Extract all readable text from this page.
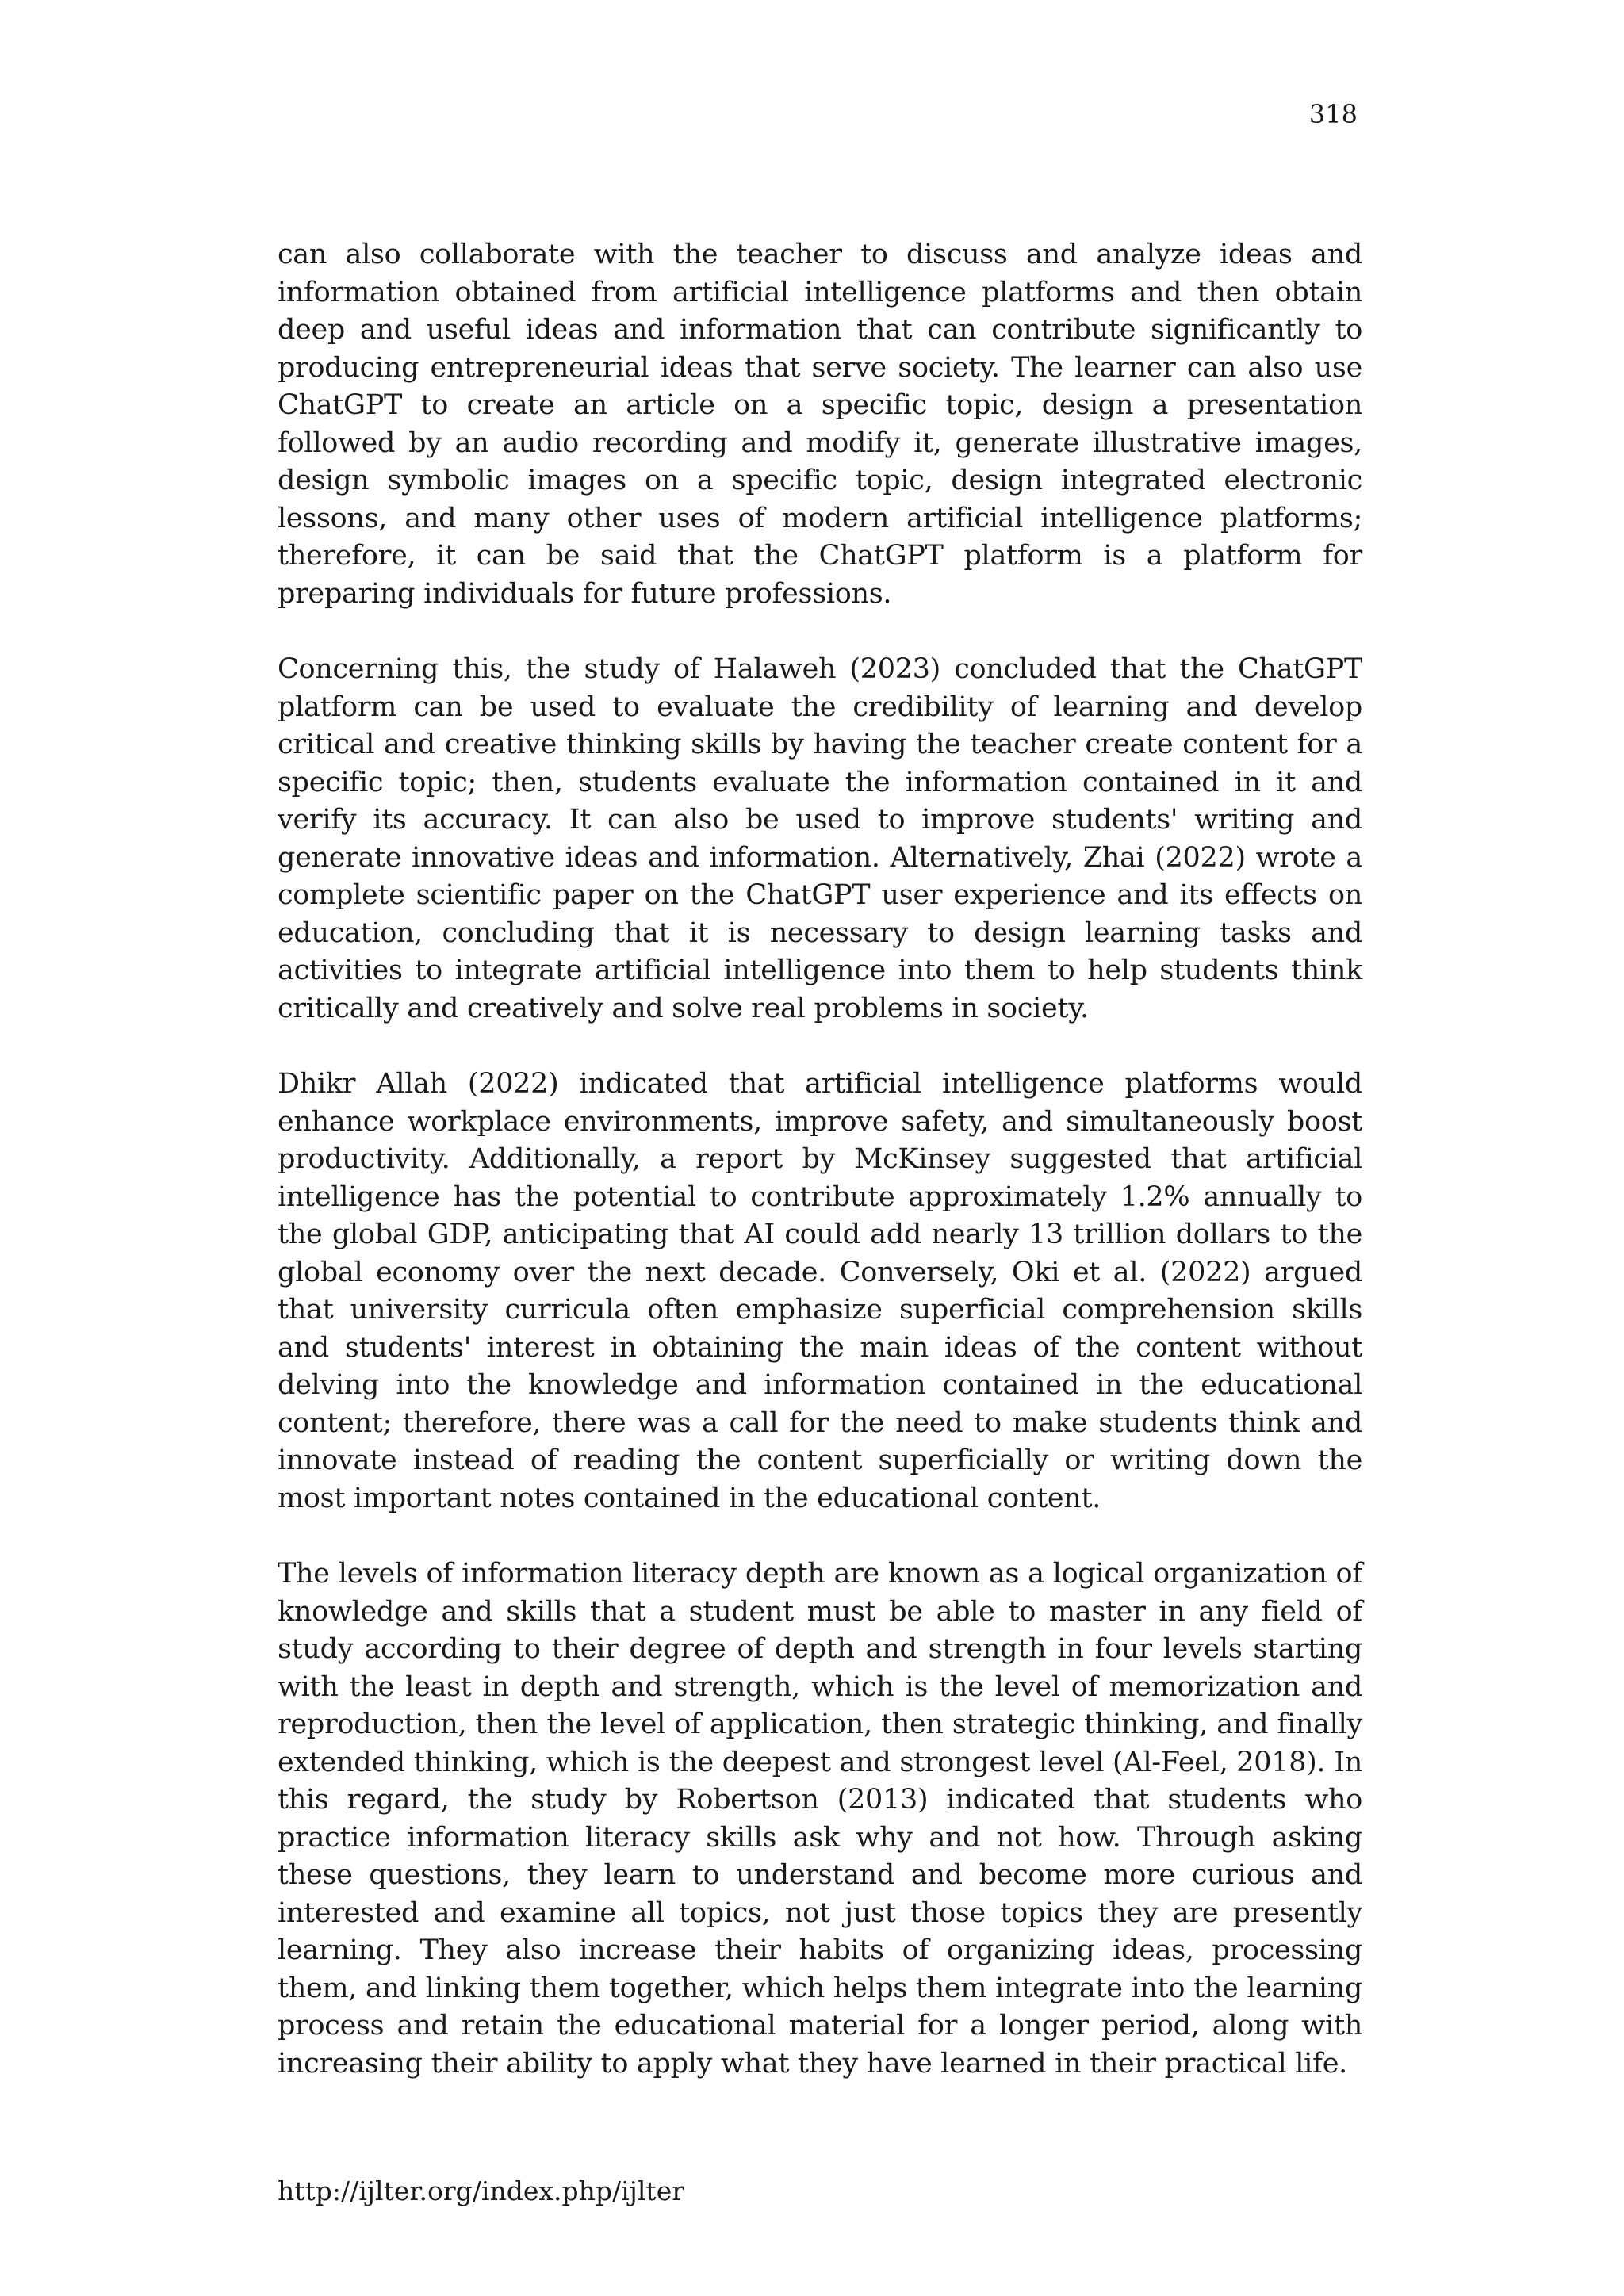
318

can also collaborate with the teacher to discuss and analyze ideas and information obtained from artificial intelligence platforms and then obtain deep and useful ideas and information that can contribute significantly to producing entrepreneurial ideas that serve society. The learner can also use ChatGPT to create an article on a specific topic, design a presentation followed by an audio recording and modify it, generate illustrative images, design symbolic images on a specific topic, design integrated electronic lessons, and many other uses of modern artificial intelligence platforms; therefore, it can be said that the ChatGPT platform is a platform for preparing individuals for future professions.

Concerning this, the study of Halaweh (2023) concluded that the ChatGPT platform can be used to evaluate the credibility of learning and develop critical and creative thinking skills by having the teacher create content for a specific topic; then, students evaluate the information contained in it and verify its accuracy. It can also be used to improve students' writing and generate innovative ideas and information. Alternatively, Zhai (2022) wrote a complete scientific paper on the ChatGPT user experience and its effects on education, concluding that it is necessary to design learning tasks and activities to integrate artificial intelligence into them to help students think critically and creatively and solve real problems in society.

Dhikr Allah (2022) indicated that artificial intelligence platforms would enhance workplace environments, improve safety, and simultaneously boost productivity. Additionally, a report by McKinsey suggested that artificial intelligence has the potential to contribute approximately 1.2% annually to the global GDP, anticipating that AI could add nearly 13 trillion dollars to the global economy over the next decade. Conversely, Oki et al. (2022) argued that university curricula often emphasize superficial comprehension skills and students' interest in obtaining the main ideas of the content without delving into the knowledge and information contained in the educational content; therefore, there was a call for the need to make students think and innovate instead of reading the content superficially or writing down the most important notes contained in the educational content.

The levels of information literacy depth are known as a logical organization of knowledge and skills that a student must be able to master in any field of study according to their degree of depth and strength in four levels starting with the least in depth and strength, which is the level of memorization and reproduction, then the level of application, then strategic thinking, and finally extended thinking, which is the deepest and strongest level (Al-Feel, 2018). In this regard, the study by Robertson (2013) indicated that students who practice information literacy skills ask why and not how. Through asking these questions, they learn to understand and become more curious and interested and examine all topics, not just those topics they are presently learning. They also increase their habits of organizing ideas, processing them, and linking them together, which helps them integrate into the learning process and retain the educational material for a longer period, along with increasing their ability to apply what they have learned in their practical life.

http://ijlter.org/index.php/ijlter
